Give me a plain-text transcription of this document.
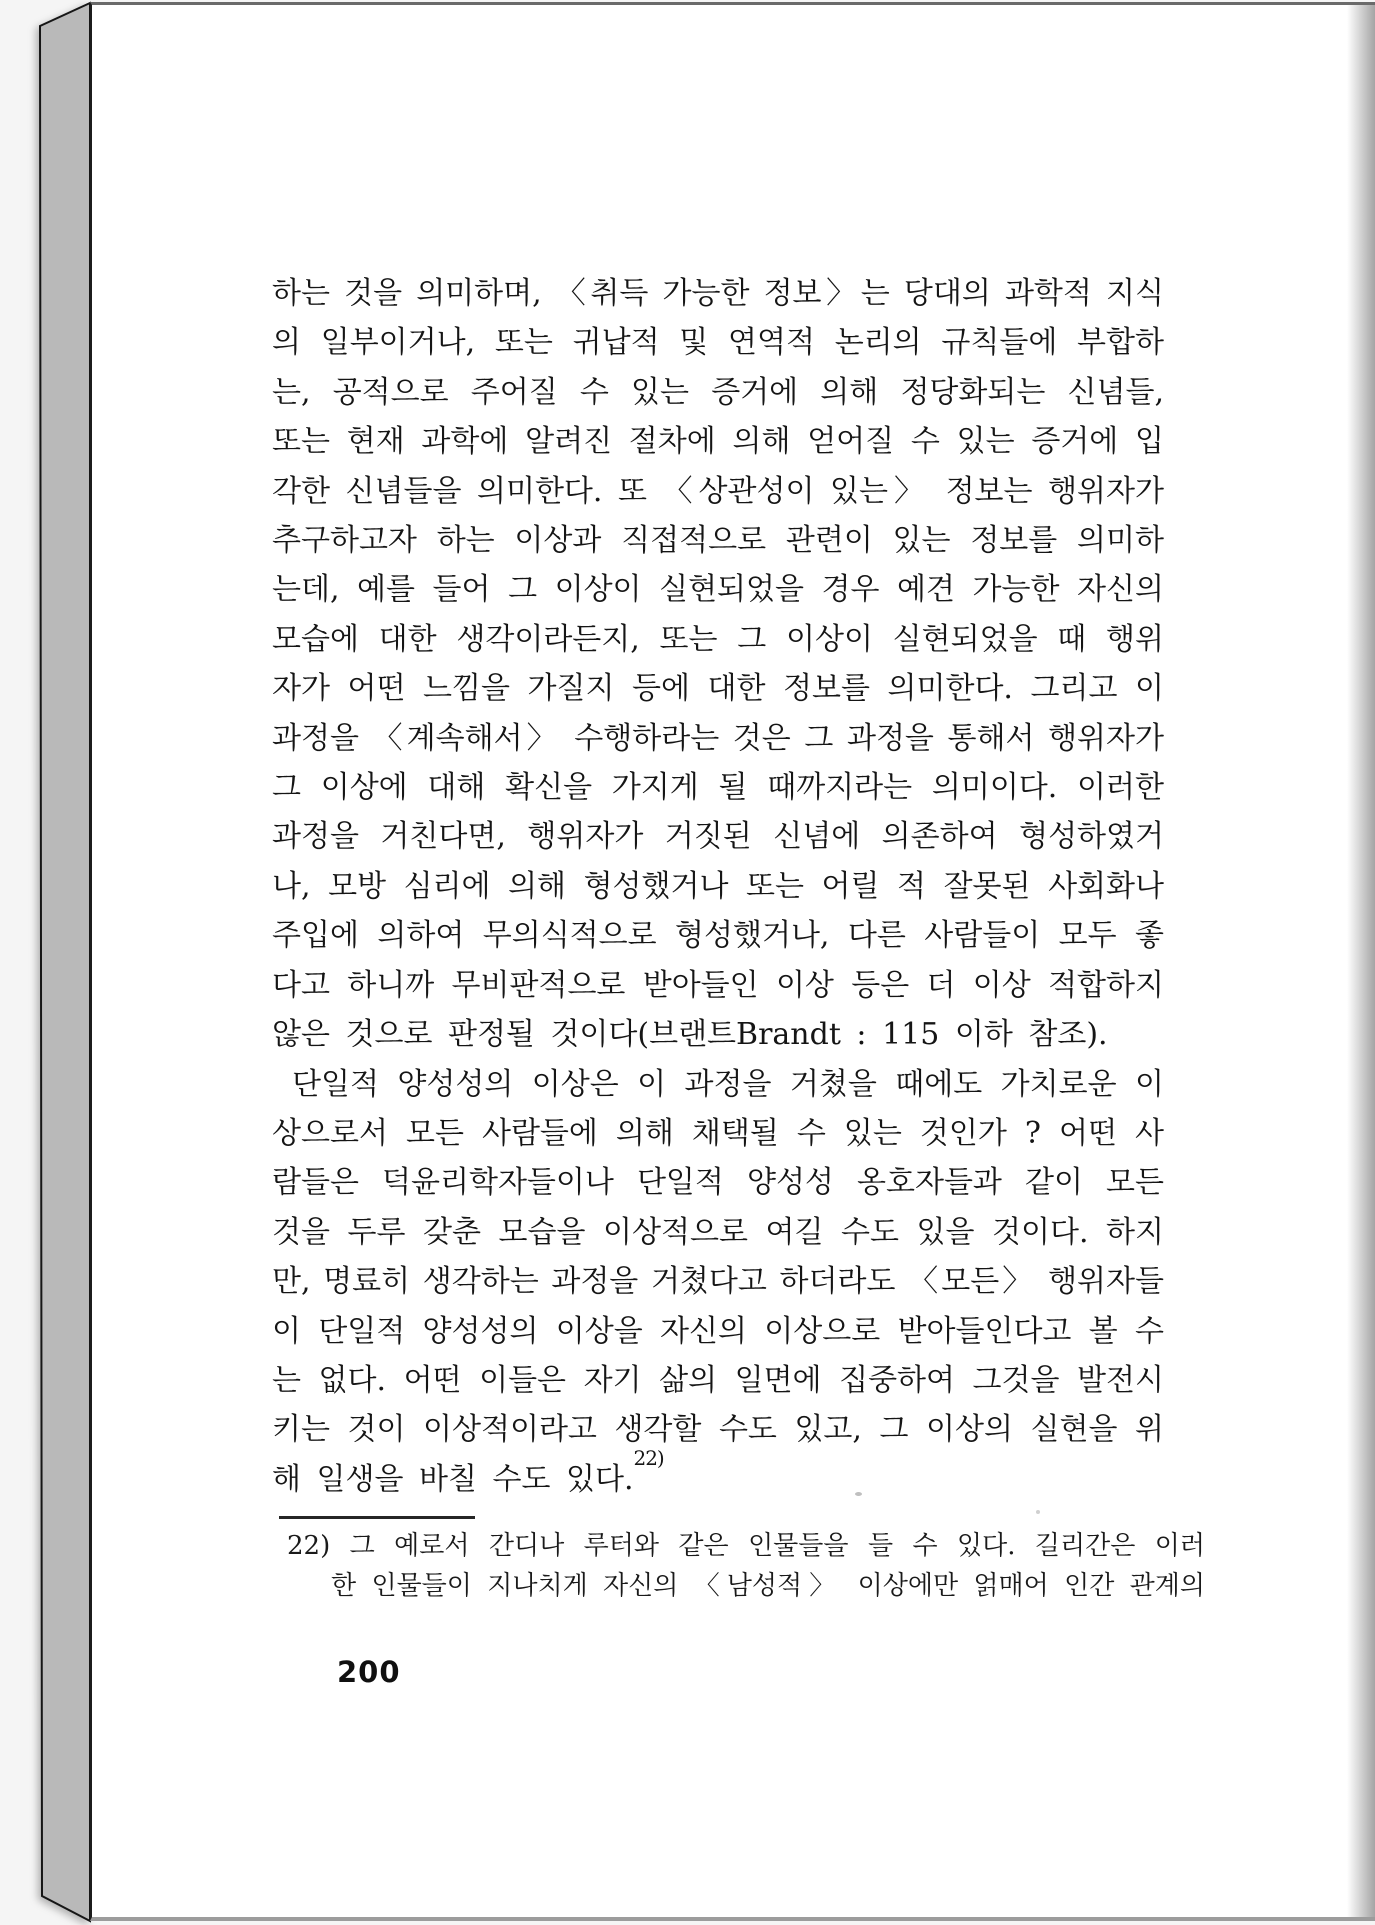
하는 것을 의미하며, 〈취득 가능한 정보〉는 당대의 과학적 지식
의 일부이거나, 또는 귀납적 및 연역적 논리의 규칙들에 부합하
는, 공적으로 주어질 수 있는 증거에 의해 정당화되는 신념들,
또는 현재 과학에 알려진 절차에 의해 얻어질 수 있는 증거에 입
각한 신념들을 의미한다. 또 〈상관성이 있는〉 정보는 행위자가
추구하고자 하는 이상과 직접적으로 관련이 있는 정보를 의미하
는데, 예를 들어 그 이상이 실현되었을 경우 예견 가능한 자신의
모습에 대한 생각이라든지, 또는 그 이상이 실현되었을 때 행위
자가 어떤 느낌을 가질지 등에 대한 정보를 의미한다. 그리고 이
과정을 〈계속해서〉 수행하라는 것은 그 과정을 통해서 행위자가
그 이상에 대해 확신을 가지게 될 때까지라는 의미이다. 이러한
과정을 거친다면, 행위자가 거짓된 신념에 의존하여 형성하였거
나, 모방 심리에 의해 형성했거나 또는 어릴 적 잘못된 사회화나
주입에 의하여 무의식적으로 형성했거나, 다른 사람들이 모두 좋
다고 하니까 무비판적으로 받아들인 이상 등은 더 이상 적합하지
않은 것으로 판정될 것이다(브랜트Brandt : 115 이하 참조).
단일적 양성성의 이상은 이 과정을 거쳤을 때에도 가치로운 이
상으로서 모든 사람들에 의해 채택될 수 있는 것인가 ? 어떤 사
람들은 덕윤리학자들이나 단일적 양성성 옹호자들과 같이 모든
것을 두루 갖춘 모습을 이상적으로 여길 수도 있을 것이다. 하지
만, 명료히 생각하는 과정을 거쳤다고 하더라도 〈모든〉 행위자들
이 단일적 양성성의 이상을 자신의 이상으로 받아들인다고 볼 수
는 없다. 어떤 이들은 자기 삶의 일면에 집중하여 그것을 발전시
키는 것이 이상적이라고 생각할 수도 있고, 그 이상의 실현을 위
해 일생을 바칠 수도 있다.$^{22)}$
22) 그 예로서 간디나 루터와 같은 인물들을 들 수 있다. 길리간은 이러
한 인물들이 지나치게 자신의 〈남성적〉 이상에만 얽매어 인간 관계의
200
